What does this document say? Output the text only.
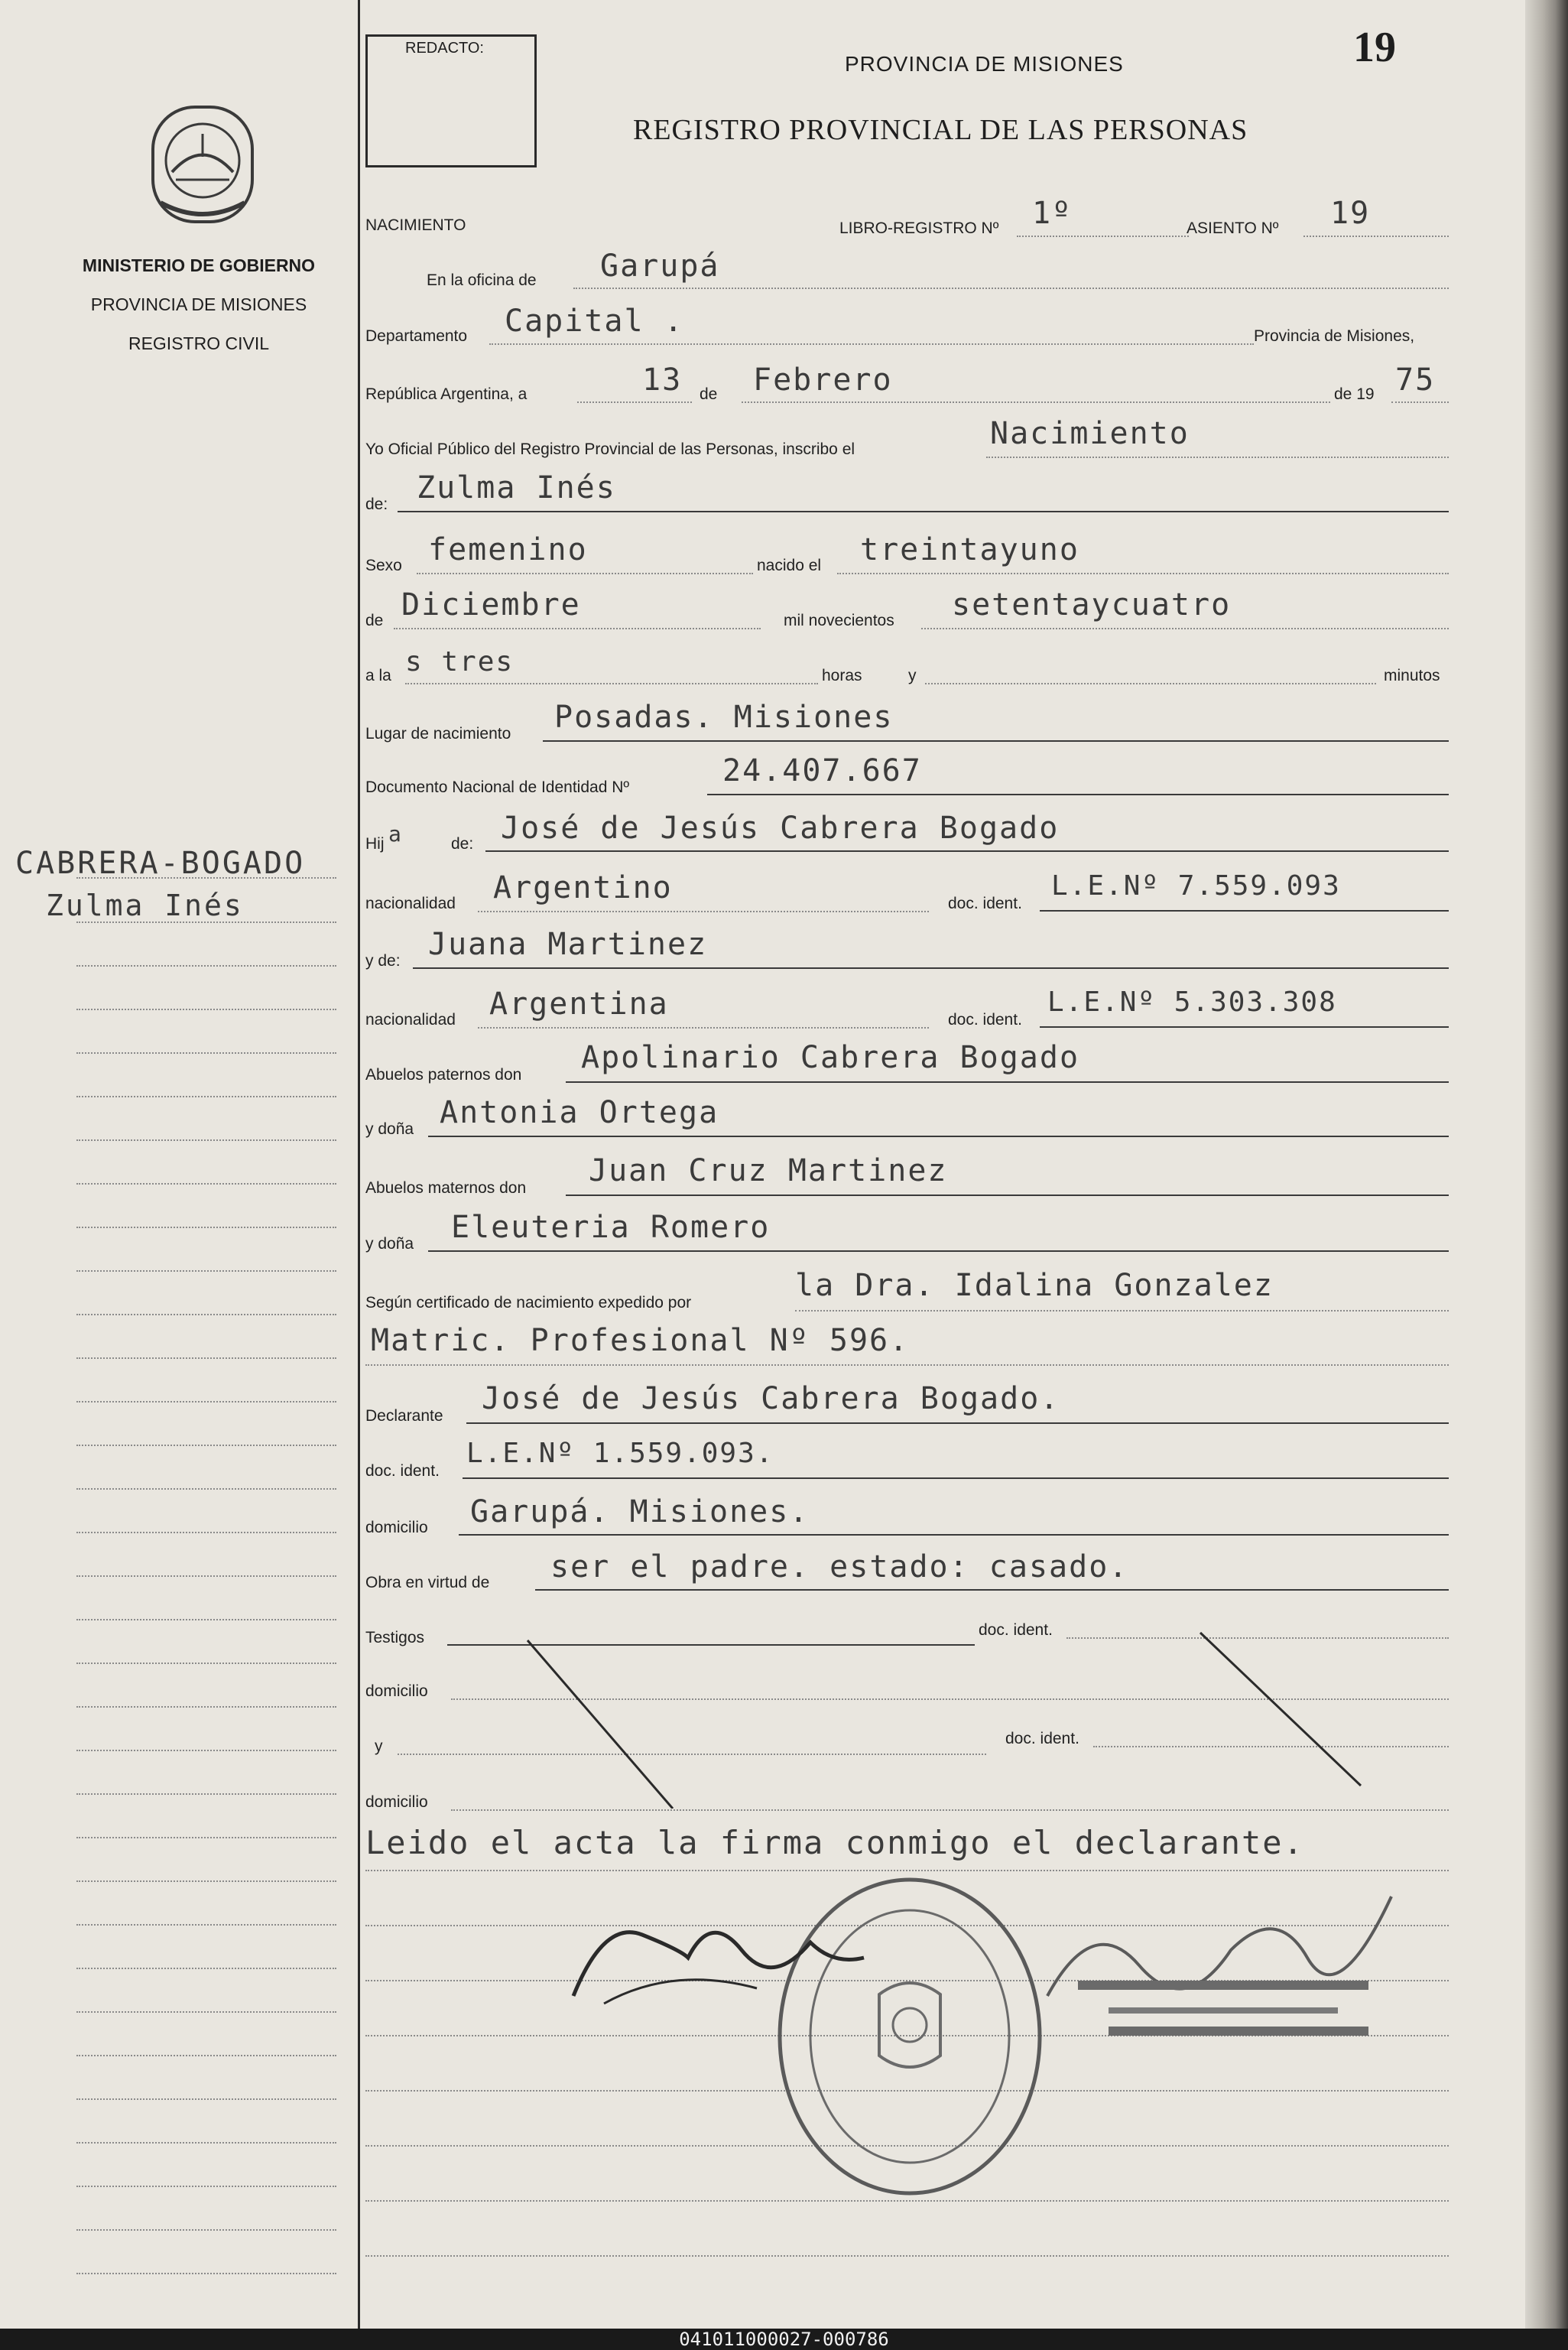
MINISTERIO DE GOBIERNO
PROVINCIA DE MISIONES
REGISTRO CIVIL
CABRERA-BOGADO
Zulma Inés
REDACTO:	19
PROVINCIA DE MISIONES
REGISTRO PROVINCIAL DE LAS PERSONAS
NACIMIENTO	LIBRO-REGISTRO Nº 1º	ASIENTO Nº 19
En la oficina de Garupá
Departamento Capital .	Provincia de Misiones,
República Argentina, a	13 de Febrero	de 19 75
Yo Oficial Público del Registro Provincial de las Personas, inscribo el	Nacimiento
de: Zulma Inés
Sexo femenino	nacido el treintayuno
de Diciembre	mil novecientos setentaycuatro
a la s tres	horas	y	minutos
Lugar de nacimiento Posadas. Misiones
Documento Nacional de Identidad Nº	24.407.667
Hij a	de: José de Jesús Cabrera Bogado
nacionalidad Argentino	doc. ident.
L.E.Nº 7.559.093
y de: Juana Martinez
nacionalidad Argentina	doc. ident.
L.E.Nº 5.303.308
Abuelos paternos don Apolinario Cabrera Bogado
y doña Antonia Ortega
Abuelos maternos don Juan Cruz Martinez
y doña Eleuteria Romero
Según certificado de nacimiento expedido por	la Dra. Idalina Gonzalez
Matric. Profesional Nº 596.
Declarante José de Jesús Cabrera Bogado.
doc. ident.
L.E.Nº 1.559.093.
domicilio Garupá. Misiones.
Obra en virtud de ser el padre. estado: casado.
Testigos	doc. ident.
domicilio
y	doc. ident.
domicilio
Leido el acta la firma conmigo el declarante.
041011000027-000786
